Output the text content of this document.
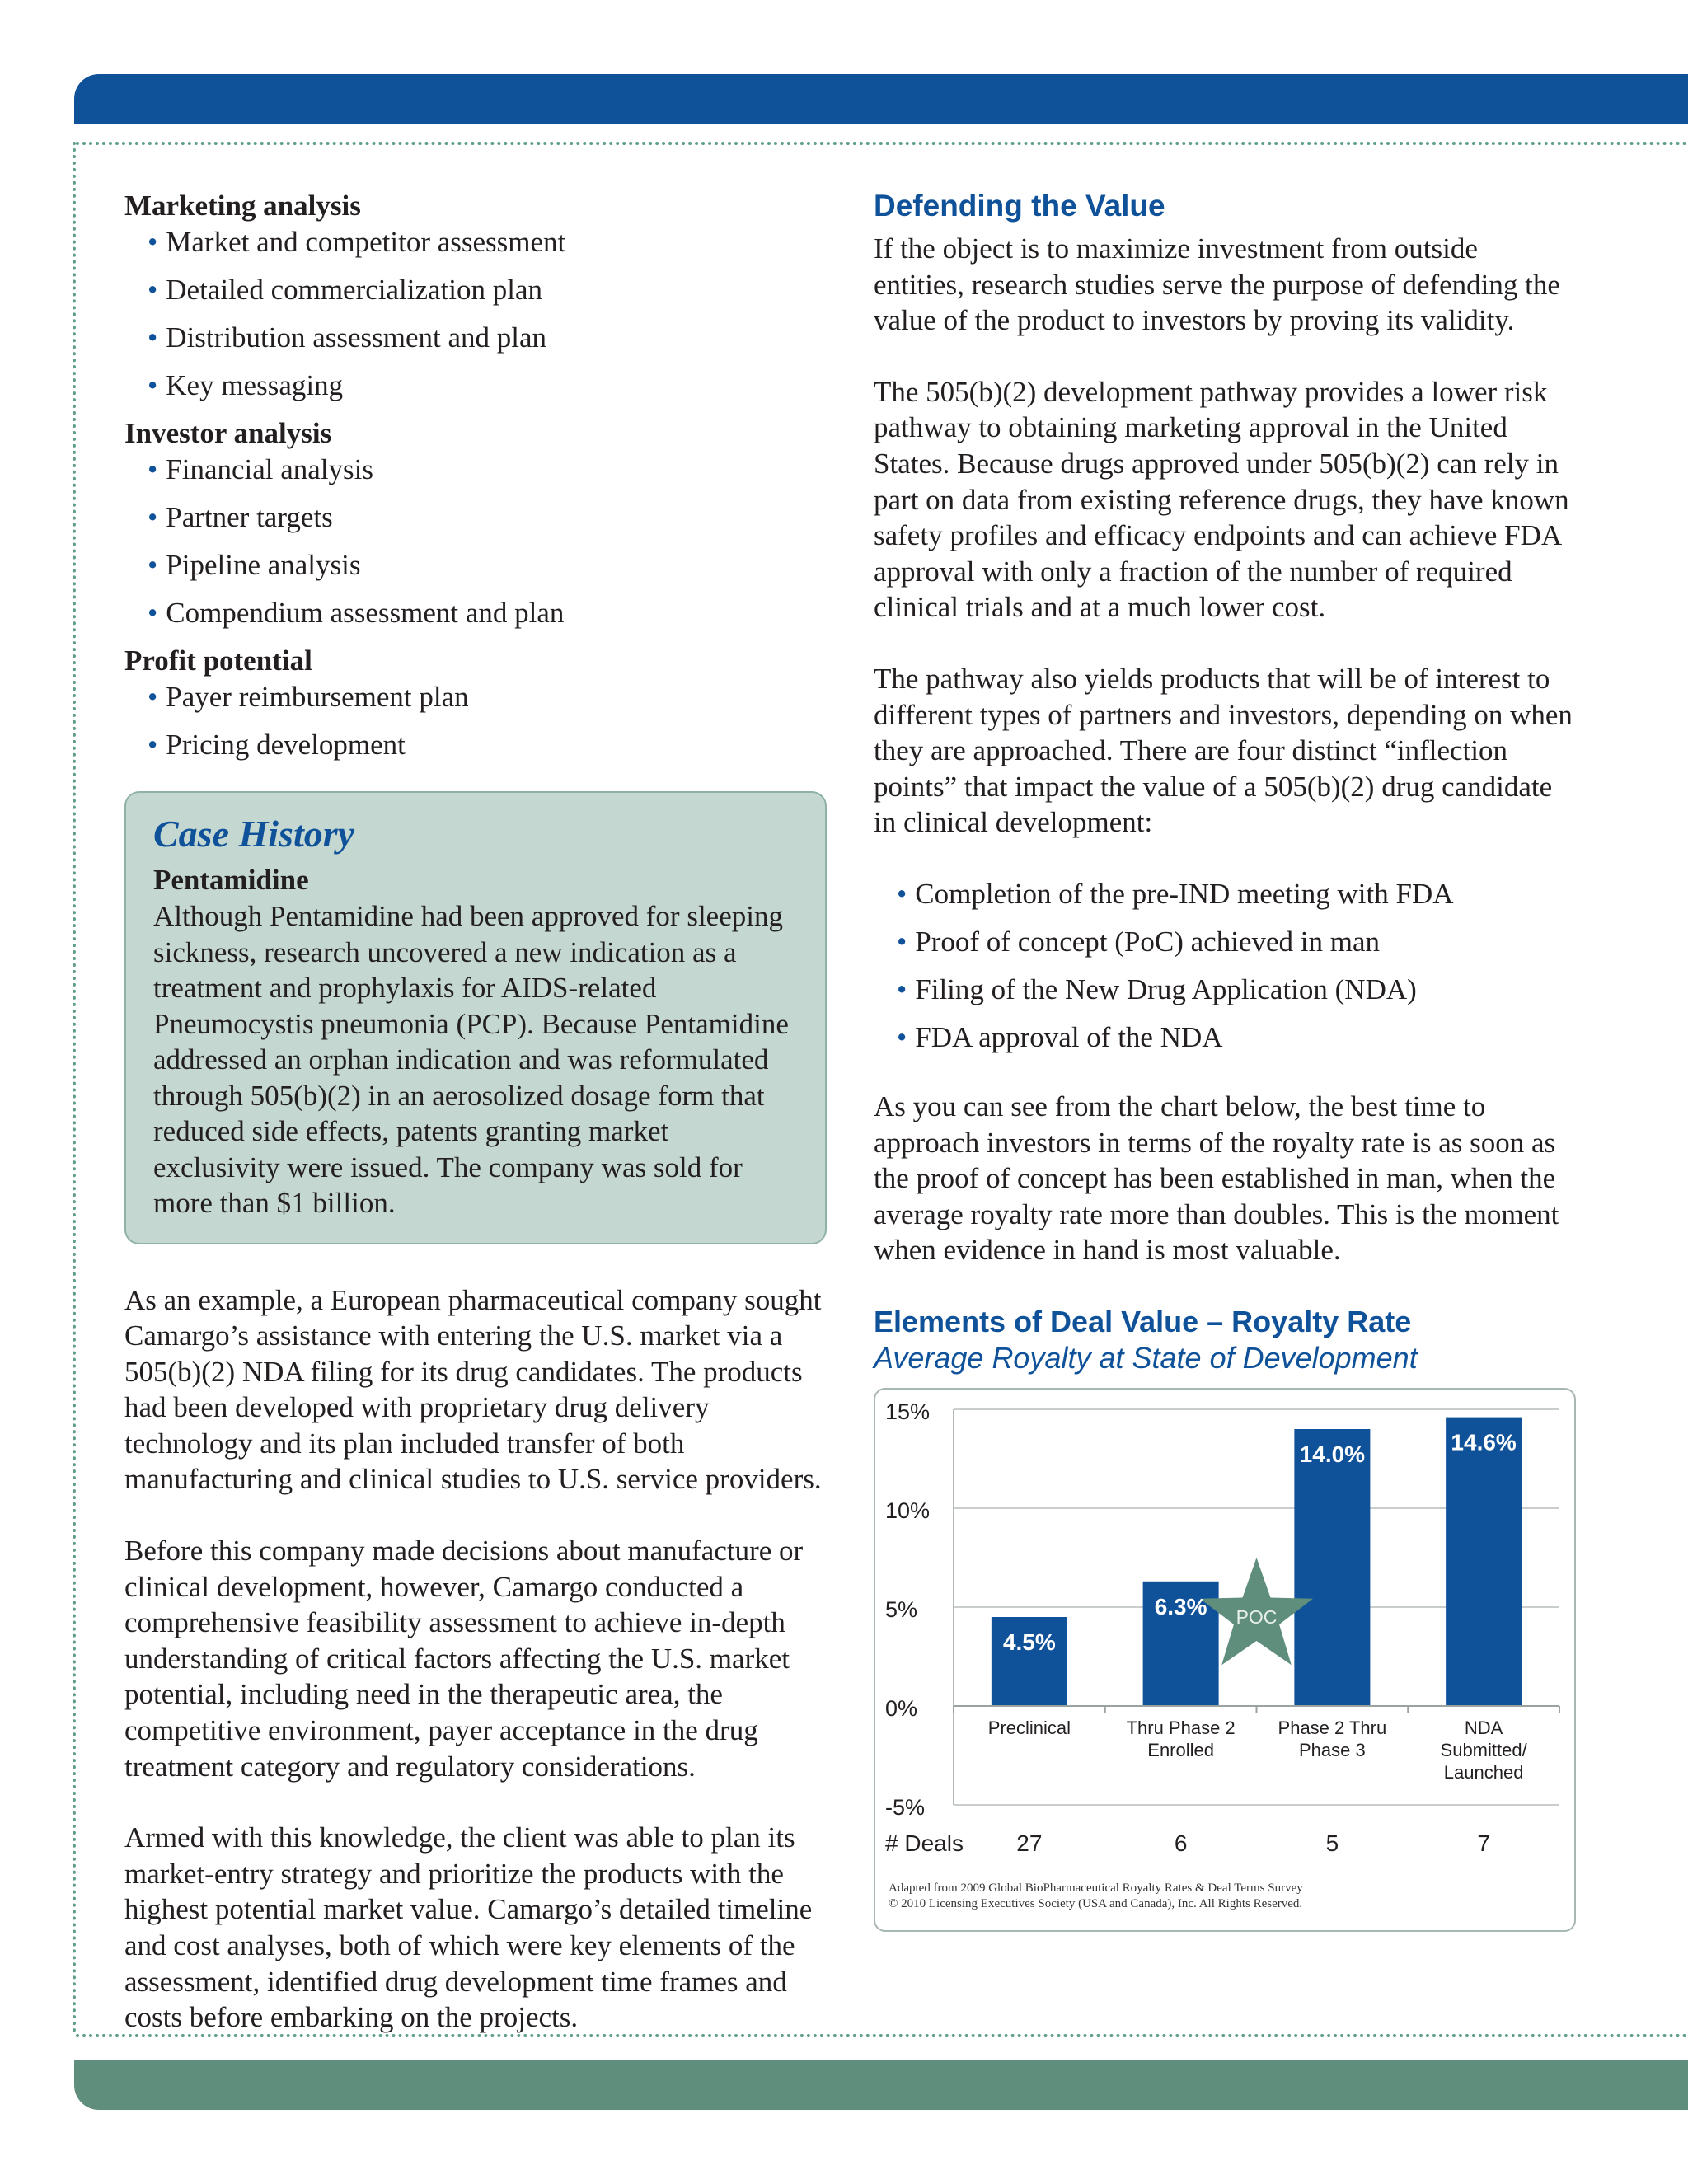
Marketing analysis

• Market and competitor assessment
• Detailed commercialization plan
• Distribution assessment and plan
• Key messaging

Investor analysis

• Financial analysis
• Partner targets
• Pipeline analysis
• Compendium assessment and plan

Profit potential

• Payer reimbursement plan
• Pricing development

Case History

Pentamidine

Although Pentamidine had been approved for sleeping sickness, research uncovered a new indication as a treatment and prophylaxis for AIDS-related Pneumocystis pneumonia (PCP). Because Pentamidine addressed an orphan indication and was reformulated through 505(b)(2) in an aerosolized dosage form that reduced side effects, patents granting market exclusivity were issued. The company was sold for more than $1 billion.

As an example, a European pharmaceutical company sought Camargo’s assistance with entering the U.S. market via a 505(b)(2) NDA filing for its drug candidates. The products had been developed with proprietary drug delivery technology and its plan included transfer of both manufacturing and clinical studies to U.S. service providers.

Before this company made decisions about manufacture or clinical development, however, Camargo conducted a comprehensive feasibility assessment to achieve in-depth understanding of critical factors affecting the U.S. market potential, including need in the therapeutic area, the competitive environment, payer acceptance in the drug treatment category and regulatory considerations.

Armed with this knowledge, the client was able to plan its market-entry strategy and prioritize the products with the highest potential market value. Camargo’s detailed timeline and cost analyses, both of which were key elements of the assessment, identified drug development time frames and costs before embarking on the projects.

Defending the Value

If the object is to maximize investment from outside entities, research studies serve the purpose of defending the value of the product to investors by proving its validity.

The 505(b)(2) development pathway provides a lower risk pathway to obtaining marketing approval in the United States. Because drugs approved under 505(b)(2) can rely in part on data from existing reference drugs, they have known safety profiles and efficacy endpoints and can achieve FDA approval with only a fraction of the number of required clinical trials and at a much lower cost.

The pathway also yields products that will be of interest to different types of partners and investors, depending on when they are approached. There are four distinct “inflection points” that impact the value of a 505(b)(2) drug candidate in clinical development:

• Completion of the pre-IND meeting with FDA
• Proof of concept (PoC) achieved in man
• Filing of the New Drug Application (NDA)
• FDA approval of the NDA

As you can see from the chart below, the best time to approach investors in terms of the royalty rate is as soon as the proof of concept has been established in man, when the average royalty rate more than doubles. This is the moment when evidence in hand is most valuable.

Elements of Deal Value – Royalty Rate

Average Royalty at State of Development

15%
10%
5%
0%
-5%
POC
4.5%
6.3%
14.0%	14.6%
Preclinical	Thru Phase 2 Enrolled
Phase 2 Thru Phase 3
NDA Submitted/ Launched
# Deals 27	6	5	7
Adapted from 2009 Global BioPharmaceutical Royalty Rates & Deal Terms Survey
© 2010 Licensing Executives Society (USA and Canada), Inc. All Rights Reserved.
